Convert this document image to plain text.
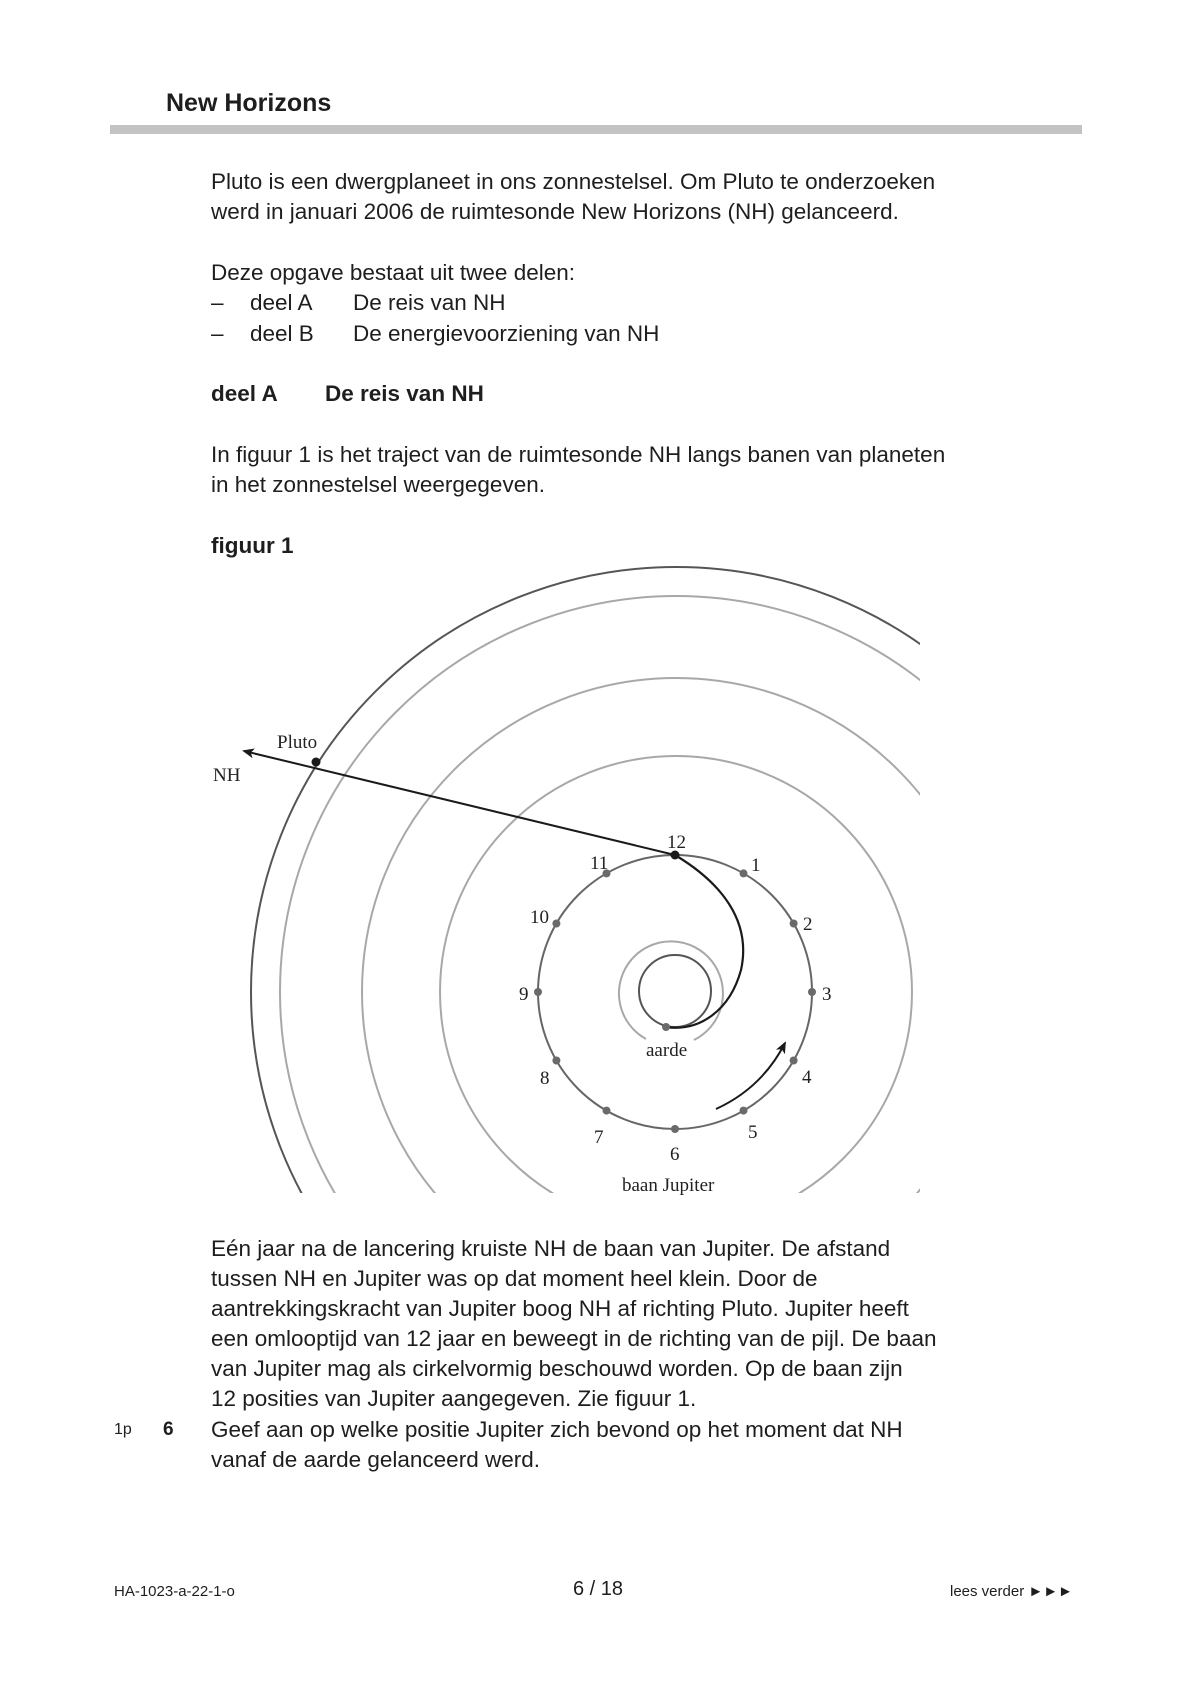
New Horizons
Pluto is een dwergplaneet in ons zonnestelsel. Om Pluto te onderzoeken
werd in januari 2006 de ruimtesonde New Horizons (NH) gelanceerd.
Deze opgave bestaat uit twee delen:
– deel A De reis van NH
– deel B De energievoorziening van NH
deel A De reis van NH
In figuur 1 is het traject van de ruimtesonde NH langs banen van planeten
in het zonnestelsel weergegeven.
figuur 1
Pluto
NH
aarde
baan Jupiter
1
2
3
4
5
6
7
8
9
10
11
12
Eén jaar na de lancering kruiste NH de baan van Jupiter. De afstand
tussen NH en Jupiter was op dat moment heel klein. Door de
aantrekkingskracht van Jupiter boog NH af richting Pluto. Jupiter heeft
een omlooptijd van 12 jaar en beweegt in de richting van de pijl. De baan
van Jupiter mag als cirkelvormig beschouwd worden. Op de baan zijn
12 posities van Jupiter aangegeven. Zie figuur 1.
1p 6 Geef aan op welke positie Jupiter zich bevond op het moment dat NH
vanaf de aarde gelanceerd werd.
HA-1023-a-22-1-o	6 / 18	lees verder ►►►
